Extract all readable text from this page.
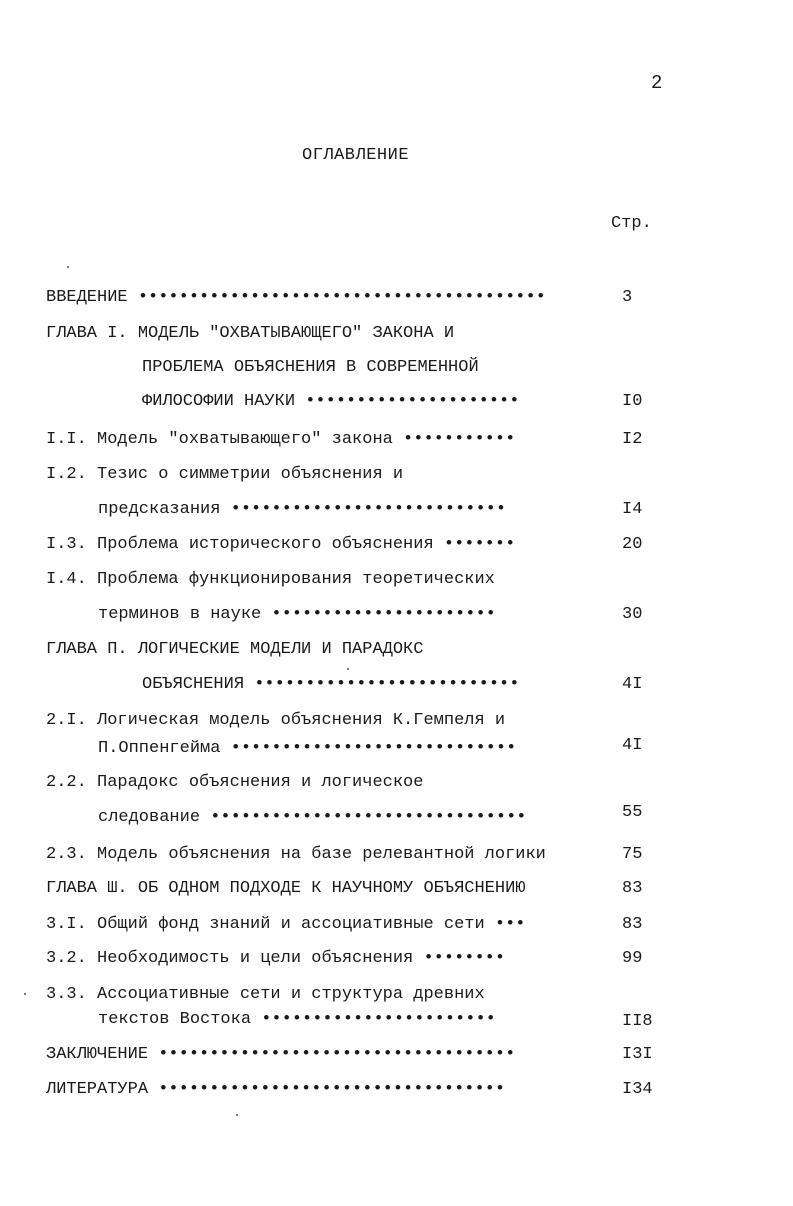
2
ОГЛАВЛЕНИЕ
Стр.
ВВЕДЕНИЕ ••••••••••••••••••••••••••••••••••••••••	3
ГЛАВА I. МОДЕЛЬ "ОХВАТЫВАЮЩЕГО" ЗАКОНА И
ПРОБЛЕМА ОБЪЯСНЕНИЯ В СОВРЕМЕННОЙ
ФИЛОСОФИИ НАУКИ •••••••••••••••••••••	I0
I.I. Модель "охватывающего" закона •••••••••••	I2
I.2. Тезис о симметрии объяснения и
предсказания •••••••••••••••••••••••••••	I4
I.3. Проблема исторического объяснения •••••••	20
I.4. Проблема функционирования теоретических
терминов в науке ••••••••••••••••••••••	30
ГЛАВА П. ЛОГИЧЕСКИЕ МОДЕЛИ И ПАРАДОКС
ОБЪЯСНЕНИЯ ••••••••••••••••••••••••••	4I
2.I. Логическая модель объяснения К.Гемпеля и
П.Оппенгейма ••••••••••••••••••••••••••••	4I
2.2. Парадокс объяснения и логическое
следование •••••••••••••••••••••••••••••••	55
2.3. Модель объяснения на базе релевантной логики	75
ГЛАВА Ш. ОБ ОДНОМ ПОДХОДЕ К НАУЧНОМУ ОБЪЯСНЕНИЮ	83
3.I. Общий фонд знаний и ассоциативные сети •••	83
3.2. Необходимость и цели объяснения ••••••••	99
3.3. Ассоциативные сети и структура древних
текстов Востока •••••••••••••••••••••••	II8
ЗАКЛЮЧЕНИЕ •••••••••••••••••••••••••••••••••••	I3I
ЛИТЕРАТУРА ••••••••••••••••••••••••••••••••••	I34
